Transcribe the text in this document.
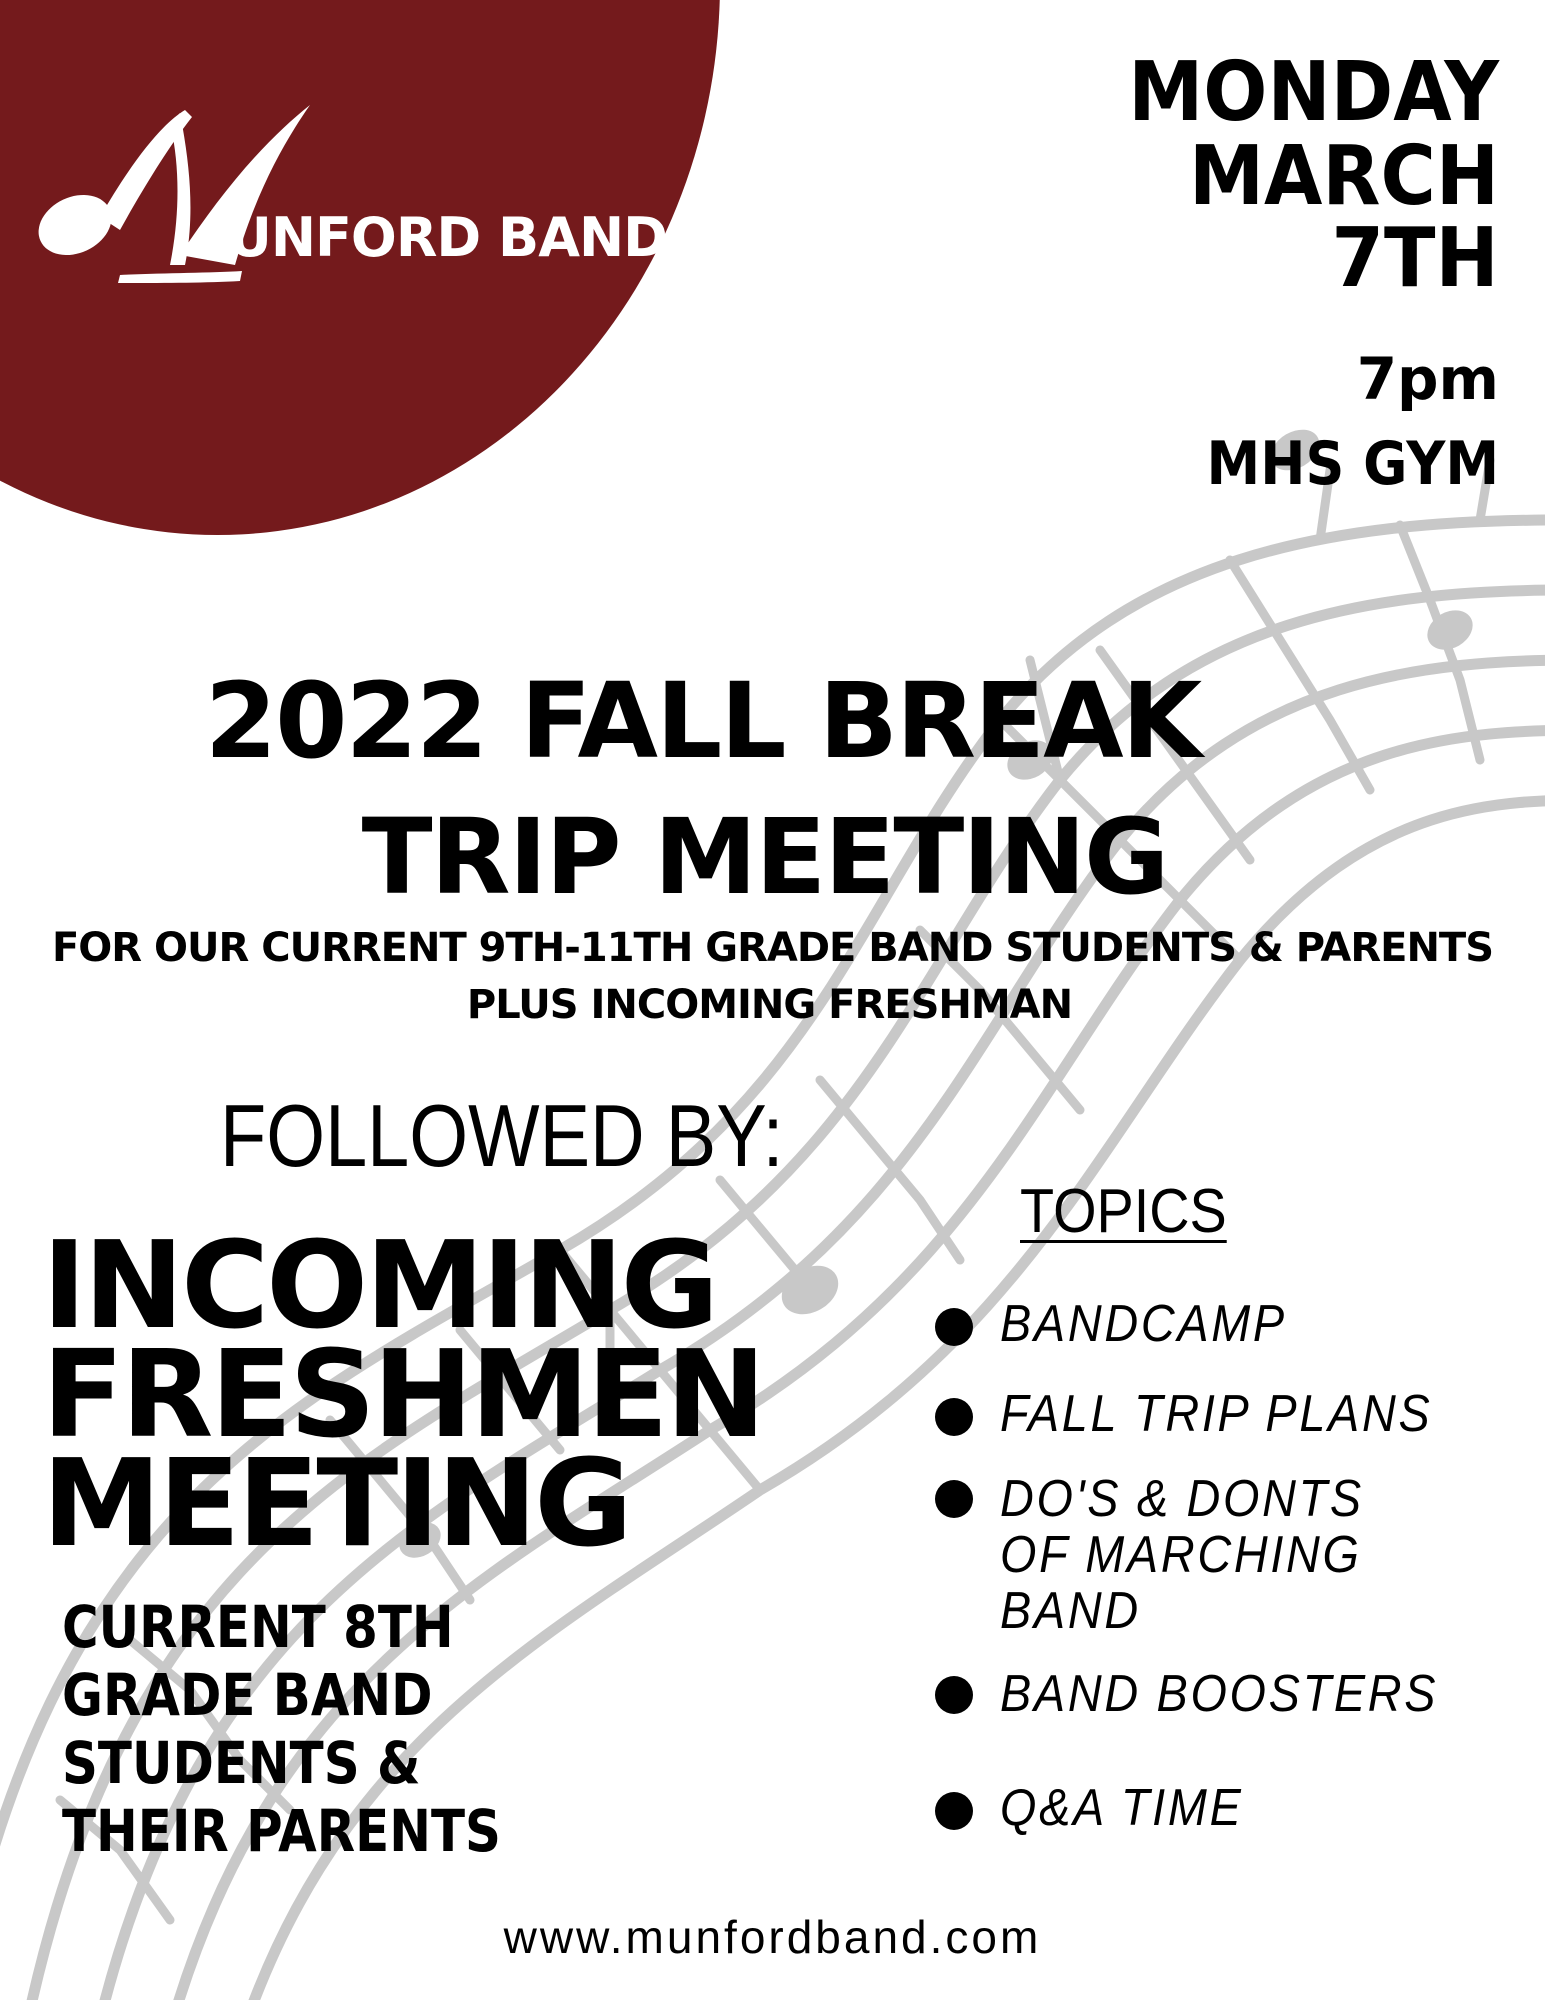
UNFORD BAND
MONDAY
MARCH
7TH
7pm
MHS GYM
2022 FALL BREAK
TRIP MEETING
FOR OUR CURRENT 9TH-11TH GRADE BAND STUDENTS & PARENTS
PLUS INCOMING FRESHMAN
FOLLOWED BY:
INCOMING
FRESHMEN
MEETING
CURRENT 8TH
GRADE BAND
STUDENTS &
THEIR PARENTS
TOPICS
BANDCAMP
FALL TRIP PLANS
DO'S & DONTS
OF MARCHING
BAND
BAND BOOSTERS
Q&A TIME
www.munfordband.com
